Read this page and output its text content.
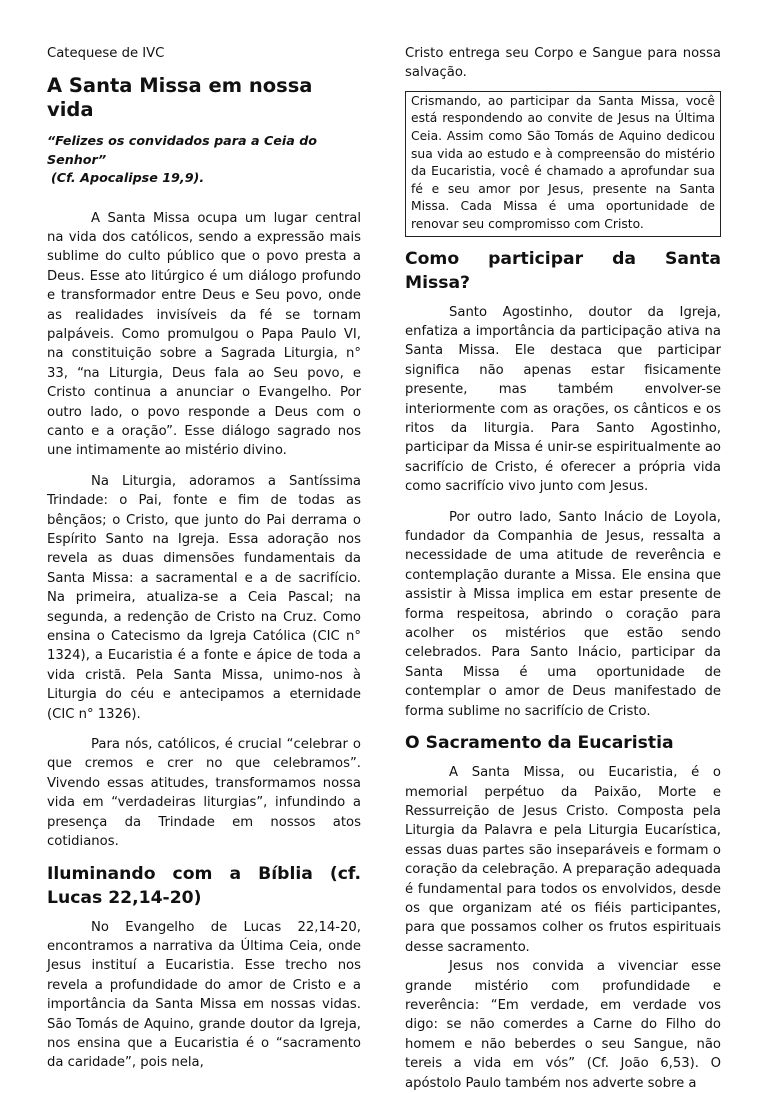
Catequese de IVC

A Santa Missa em nossa vida
“Felizes os convidados para a Ceia do Senhor”
(Cf. Apocalipse 19,9).

A Santa Missa ocupa um lugar central na vida dos católicos, sendo a expressão mais sublime do culto público que o povo presta a Deus. Esse ato litúrgico é um diálogo profundo e transformador entre Deus e Seu povo, onde as realidades invisíveis da fé se tornam palpáveis. Como promulgou o Papa Paulo VI, na constituição sobre a Sagrada Liturgia, n° 33, “na Liturgia, Deus fala ao Seu povo, e Cristo continua a anunciar o Evangelho. Por outro lado, o povo responde a Deus com o canto e a oração”. Esse diálogo sagrado nos une intimamente ao mistério divino.

Na Liturgia, adoramos a Santíssima Trindade: o Pai, fonte e fim de todas as bênçãos; o Cristo, que junto do Pai derrama o Espírito Santo na Igreja. Essa adoração nos revela as duas dimensões fundamentais da Santa Missa: a sacramental e a de sacrifício. Na primeira, atualiza-se a Ceia Pascal; na segunda, a redenção de Cristo na Cruz. Como ensina o Catecismo da Igreja Católica (CIC n° 1324), a Eucaristia é a fonte e ápice de toda a vida cristã. Pela Santa Missa, unimo-nos à Liturgia do céu e antecipamos a eternidade (CIC n° 1326).

Para nós, católicos, é crucial “celebrar o que cremos e crer no que celebramos”. Vivendo essas atitudes, transformamos nossa vida em “verdadeiras liturgias”, infundindo a presença da Trindade em nossos atos cotidianos.

Iluminando com a Bíblia (cf. Lucas 22,14-20)

No Evangelho de Lucas 22,14-20, encontramos a narrativa da Última Ceia, onde Jesus instituí a Eucaristia. Esse trecho nos revela a profundidade do amor de Cristo e a importância da Santa Missa em nossas vidas. São Tomás de Aquino, grande doutor da Igreja, nos ensina que a Eucaristia é o “sacramento da caridade”, pois nela,

Cristo entrega seu Corpo e Sangue para nossa salvação.

Crismando, ao participar da Santa Missa, você está respondendo ao convite de Jesus na Última Ceia. Assim como São Tomás de Aquino dedicou sua vida ao estudo e à compreensão do mistério da Eucaristia, você é chamado a aprofundar sua fé e seu amor por Jesus, presente na Santa Missa. Cada Missa é uma oportunidade de renovar seu compromisso com Cristo.

Como participar da Santa Missa?

Santo Agostinho, doutor da Igreja, enfatiza a importância da participação ativa na Santa Missa. Ele destaca que participar significa não apenas estar fisicamente presente, mas também envolver-se interiormente com as orações, os cânticos e os ritos da liturgia. Para Santo Agostinho, participar da Missa é unir-se espiritualmente ao sacrifício de Cristo, é oferecer a própria vida como sacrifício vivo junto com Jesus.

Por outro lado, Santo Inácio de Loyola, fundador da Companhia de Jesus, ressalta a necessidade de uma atitude de reverência e contemplação durante a Missa. Ele ensina que assistir à Missa implica em estar presente de forma respeitosa, abrindo o coração para acolher os mistérios que estão sendo celebrados. Para Santo Inácio, participar da Santa Missa é uma oportunidade de contemplar o amor de Deus manifestado de forma sublime no sacrifício de Cristo.

O Sacramento da Eucaristia

A Santa Missa, ou Eucaristia, é o memorial perpétuo da Paixão, Morte e Ressurreição de Jesus Cristo. Composta pela Liturgia da Palavra e pela Liturgia Eucarística, essas duas partes são inseparáveis e formam o coração da celebração. A preparação adequada é fundamental para todos os envolvidos, desde os que organizam até os fiéis participantes, para que possamos colher os frutos espirituais desse sacramento.

Jesus nos convida a vivenciar esse grande mistério com profundidade e reverência: “Em verdade, em verdade vos digo: se não comerdes a Carne do Filho do homem e não beberdes o seu Sangue, não tereis a vida em vós” (Cf. João 6,53). O apóstolo Paulo também nos adverte sobre a
